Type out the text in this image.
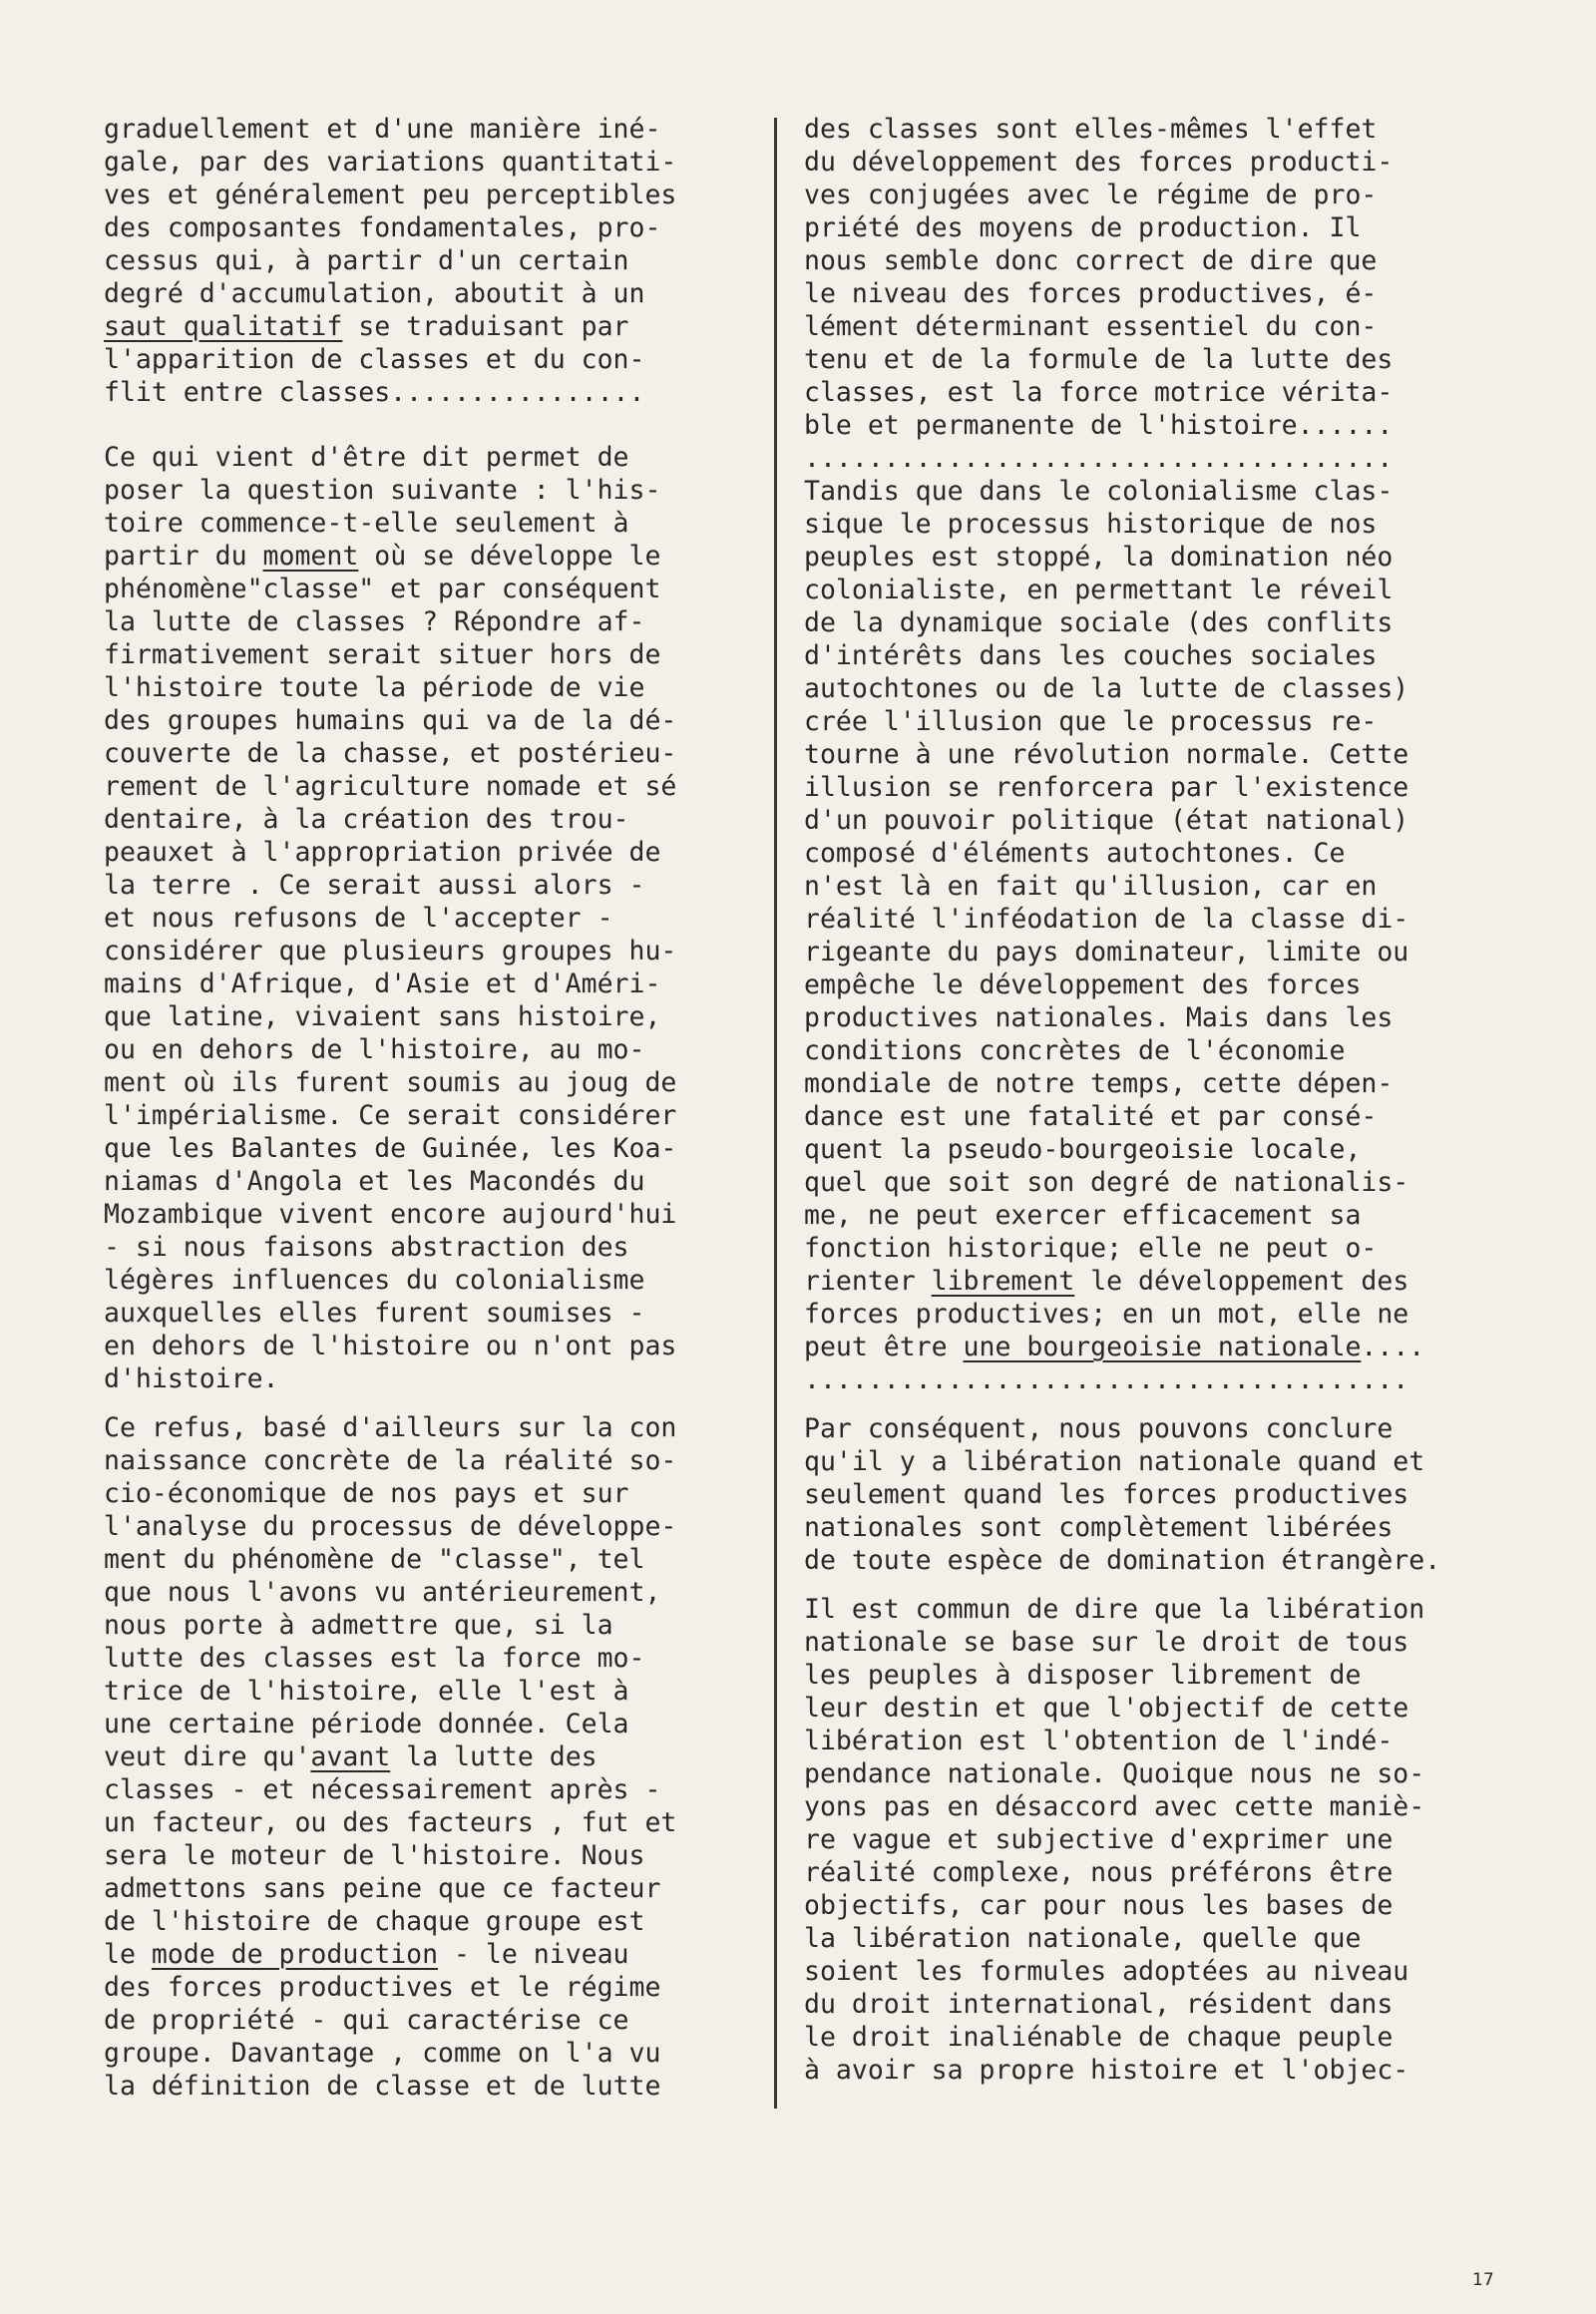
graduellement et d'une manière iné-
gale, par des variations quantitati-
ves et généralement peu perceptibles
des composantes fondamentales, pro-
cessus qui, à partir d'un certain
degré d'accumulation, aboutit à un
saut qualitatif se traduisant par
l'apparition de classes et du con-
flit entre classes................
Ce qui vient d'être dit permet de
poser la question suivante : l'his-
toire commence-t-elle seulement à
partir du moment où se développe le
phénomène"classe" et par conséquent
la lutte de classes ? Répondre af-
firmativement serait situer hors de
l'histoire toute la période de vie
des groupes humains qui va de la dé-
couverte de la chasse, et postérieu-
rement de l'agriculture nomade et sé
dentaire, à la création des trou-
peauxet à l'appropriation privée de
la terre . Ce serait aussi alors -
et nous refusons de l'accepter -
considérer que plusieurs groupes hu-
mains d'Afrique, d'Asie et d'Améri-
que latine, vivaient sans histoire,
ou en dehors de l'histoire, au mo-
ment où ils furent soumis au joug de
l'impérialisme. Ce serait considérer
que les Balantes de Guinée, les Koa-
niamas d'Angola et les Macondés du
Mozambique vivent encore aujourd'hui
- si nous faisons abstraction des
légères influences du colonialisme
auxquelles elles furent soumises -
en dehors de l'histoire ou n'ont pas
d'histoire.
Ce refus, basé d'ailleurs sur la con
naissance concrète de la réalité so-
cio-économique de nos pays et sur
l'analyse du processus de développe-
ment du phénomène de "classe", tel
que nous l'avons vu antérieurement,
nous porte à admettre que, si la
lutte des classes est la force mo-
trice de l'histoire, elle l'est à
une certaine période donnée. Cela
veut dire qu'avant la lutte des
classes - et nécessairement après -
un facteur, ou des facteurs , fut et
sera le moteur de l'histoire. Nous
admettons sans peine que ce facteur
de l'histoire de chaque groupe est
le mode de production - le niveau
des forces productives et le régime
de propriété - qui caractérise ce
groupe. Davantage , comme on l'a vu
la définition de classe et de lutte
des classes sont elles-mêmes l'effet
du développement des forces producti-
ves conjugées avec le régime de pro-
priété des moyens de production. Il
nous semble donc correct de dire que
le niveau des forces productives, é-
lément déterminant essentiel du con-
tenu et de la formule de la lutte des
classes, est la force motrice vérita-
ble et permanente de l'histoire......
.....................................
Tandis que dans le colonialisme clas-
sique le processus historique de nos
peuples est stoppé, la domination néo
colonialiste, en permettant le réveil
de la dynamique sociale (des conflits
d'intérêts dans les couches sociales
autochtones ou de la lutte de classes)
crée l'illusion que le processus re-
tourne à une révolution normale. Cette
illusion se renforcera par l'existence
d'un pouvoir politique (état national)
composé d'éléments autochtones. Ce
n'est là en fait qu'illusion, car en
réalité l'inféodation de la classe di-
rigeante du pays dominateur, limite ou
empêche le développement des forces
productives nationales. Mais dans les
conditions concrètes de l'économie
mondiale de notre temps, cette dépen-
dance est une fatalité et par consé-
quent la pseudo-bourgeoisie locale,
quel que soit son degré de nationalis-
me, ne peut exercer efficacement sa
fonction historique; elle ne peut o-
rienter librement le développement des
forces productives; en un mot, elle ne
peut être une bourgeoisie nationale....
......................................
Par conséquent, nous pouvons conclure
qu'il y a libération nationale quand et
seulement quand les forces productives
nationales sont complètement libérées
de toute espèce de domination étrangère.
Il est commun de dire que la libération
nationale se base sur le droit de tous
les peuples à disposer librement de
leur destin et que l'objectif de cette
libération est l'obtention de l'indé-
pendance nationale. Quoique nous ne so-
yons pas en désaccord avec cette maniè-
re vague et subjective d'exprimer une
réalité complexe, nous préférons être
objectifs, car pour nous les bases de
la libération nationale, quelle que
soient les formules adoptées au niveau
du droit international, résident dans
le droit inaliénable de chaque peuple
à avoir sa propre histoire et l'objec-
17
